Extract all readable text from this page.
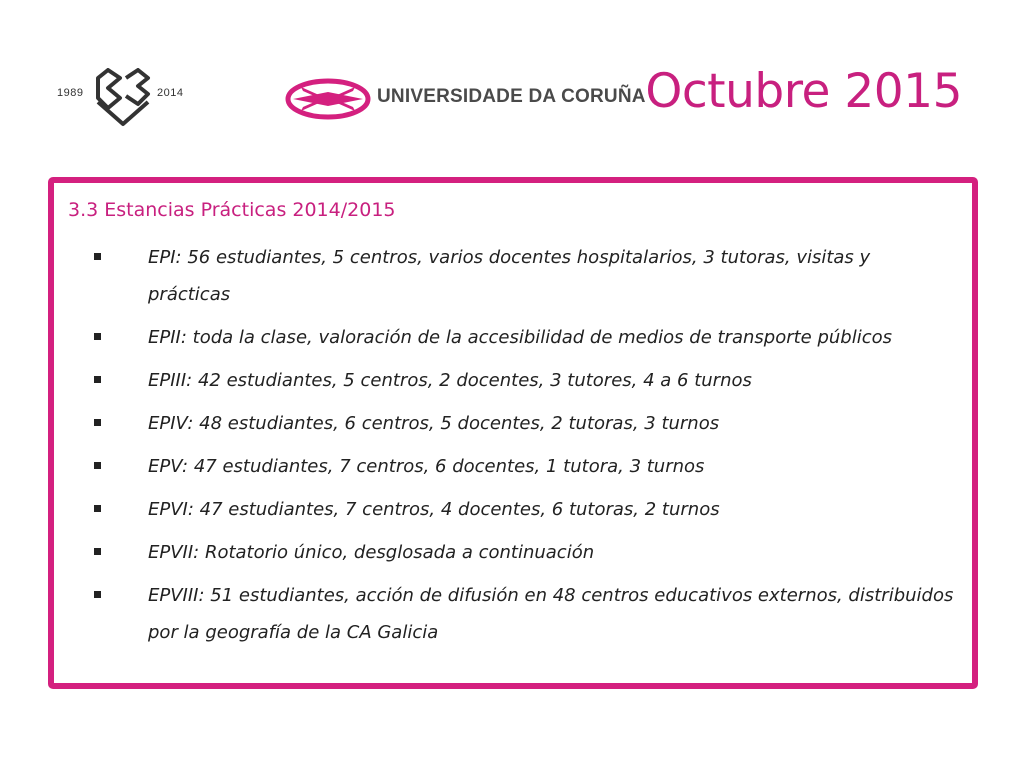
1989	2014	UNIVERSIDADE DA CORUÑA Octubre 2015
3.3 Estancias Prácticas 2014/2015
EPI: 56 estudiantes, 5 centros, varios docentes hospitalarios, 3 tutoras, visitas y prácticas
EPII: toda la clase, valoración de la accesibilidad de medios de transporte públicos
EPIII: 42 estudiantes, 5 centros, 2 docentes, 3 tutores, 4 a 6 turnos
EPIV: 48 estudiantes, 6 centros, 5 docentes, 2 tutoras, 3 turnos
EPV: 47 estudiantes, 7 centros, 6 docentes, 1 tutora, 3 turnos
EPVI: 47 estudiantes, 7 centros, 4 docentes, 6 tutoras, 2 turnos
EPVII: Rotatorio único, desglosada a continuación
EPVIII: 51 estudiantes, acción de difusión en 48 centros educativos externos, distribuidos por la geografía de la CA Galicia
